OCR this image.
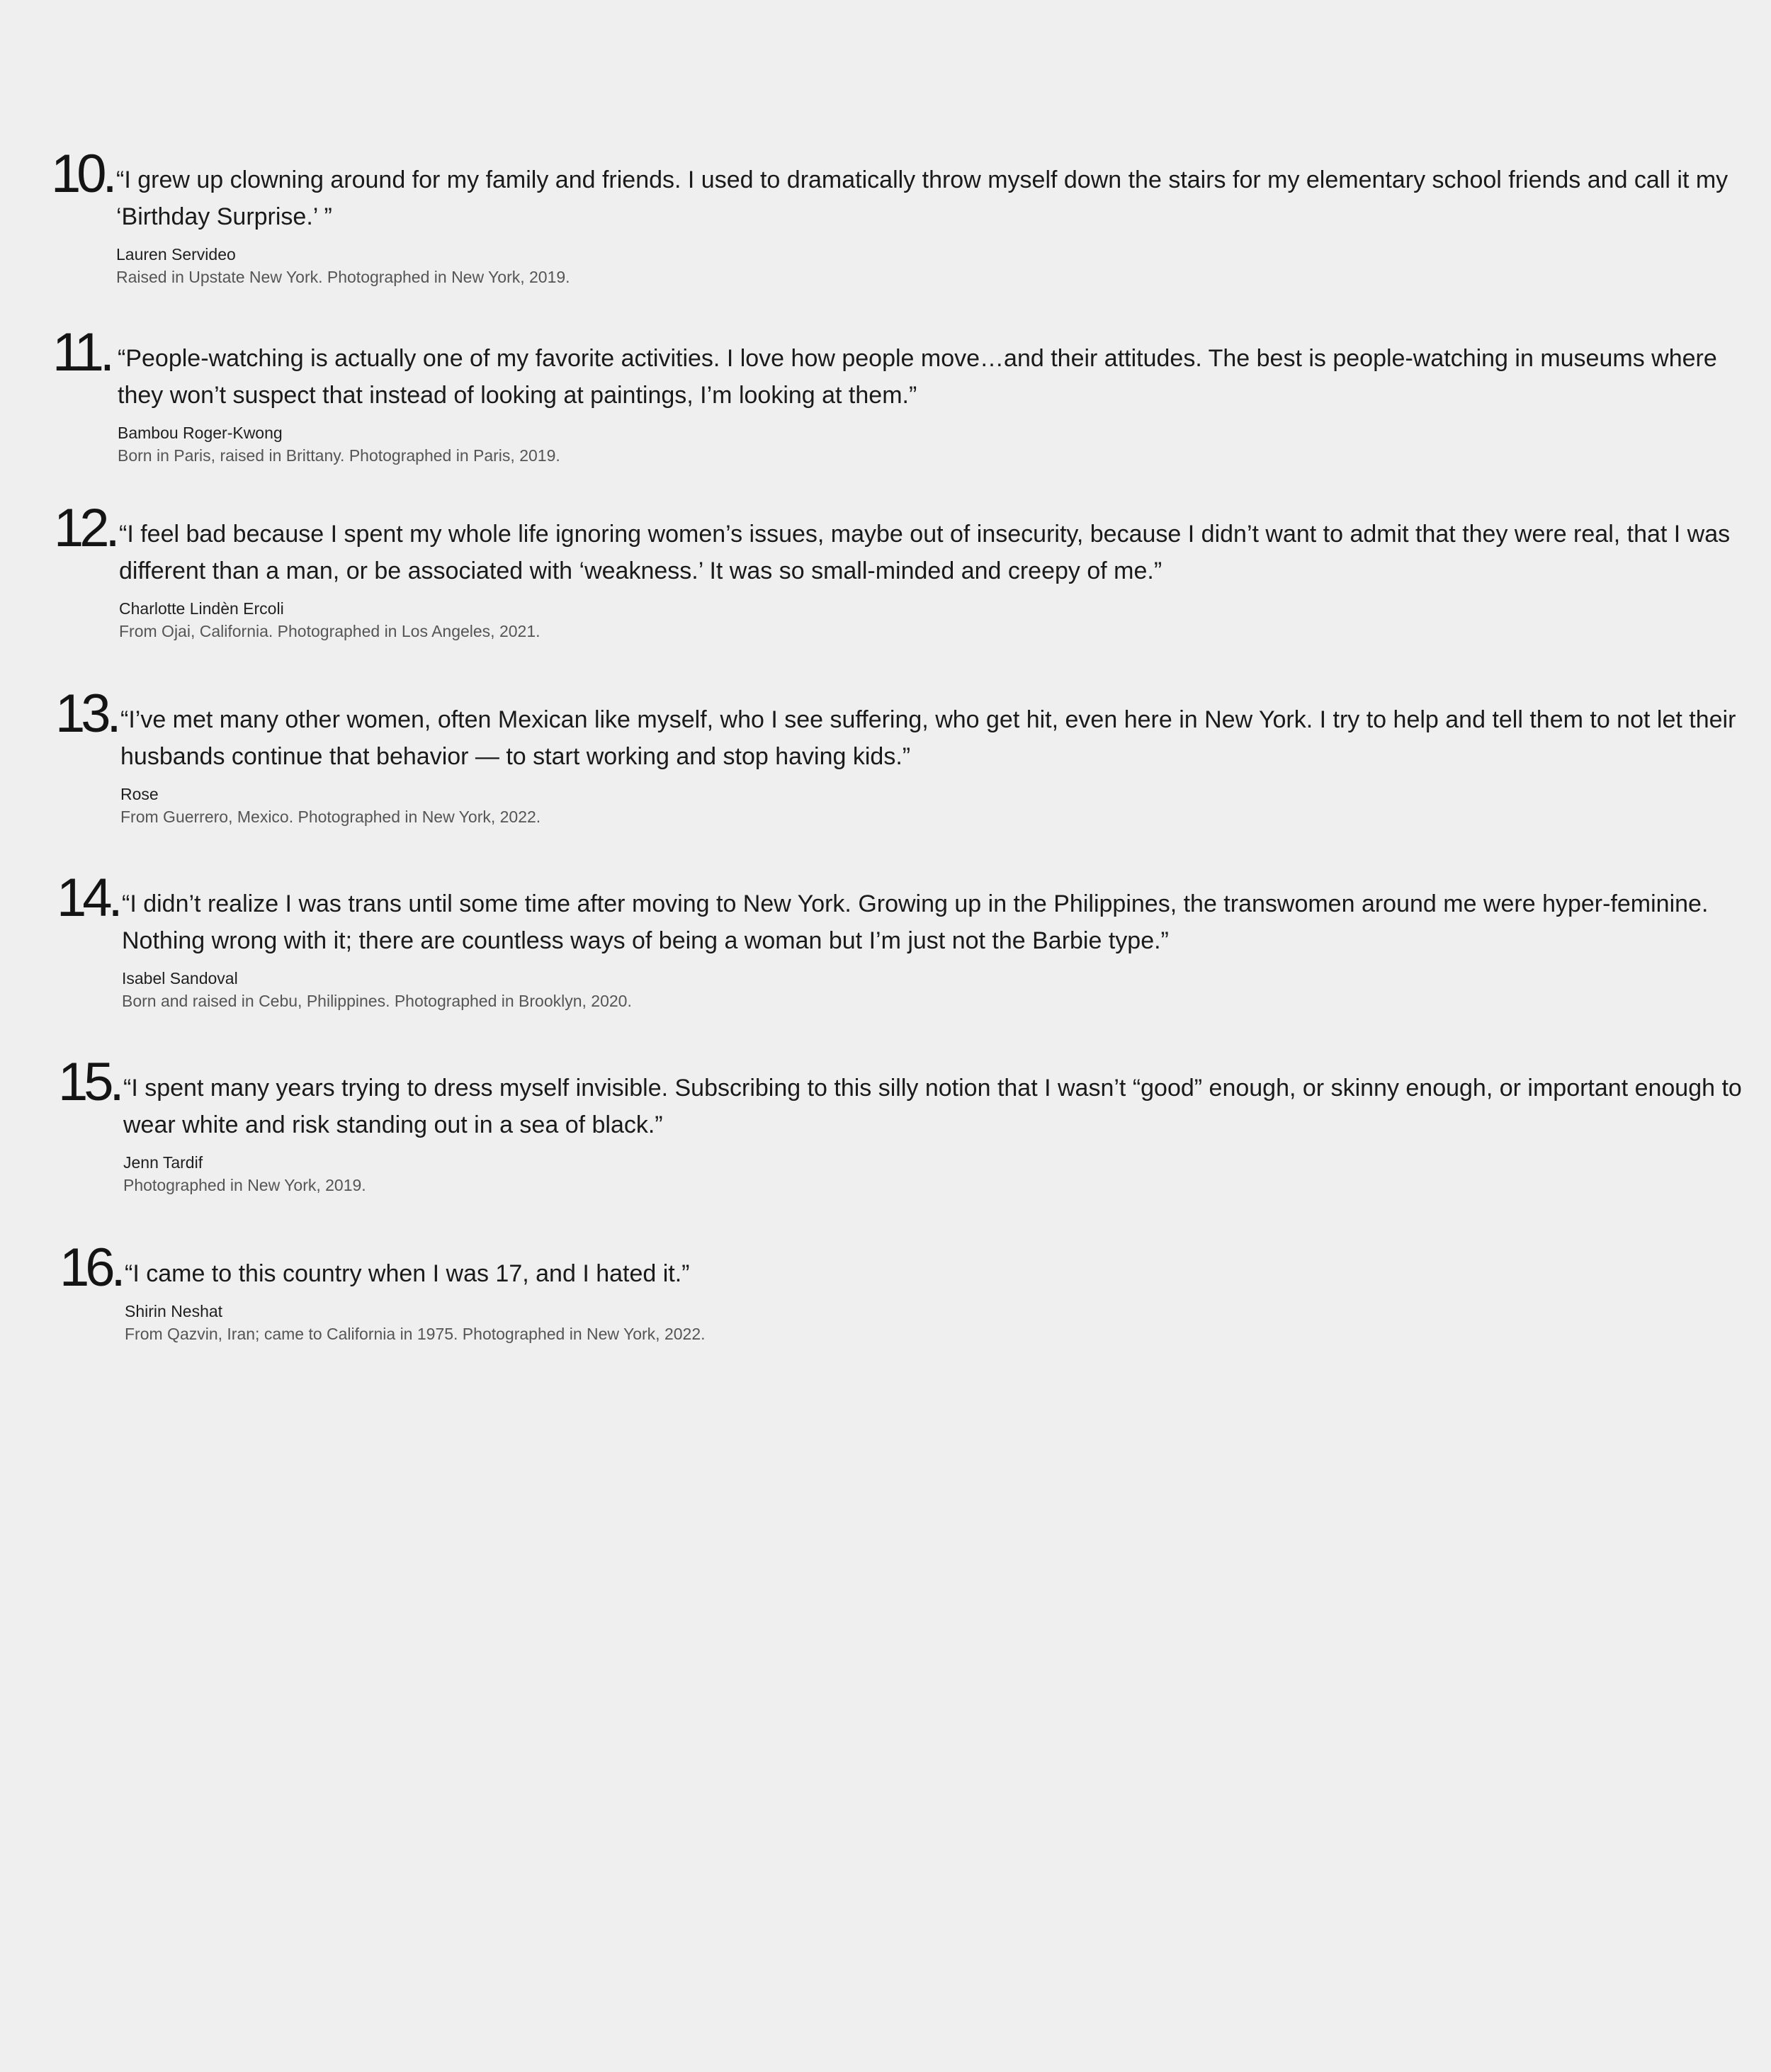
10. “I grew up clowning around for my family and friends. I used to dramatically throw myself down the stairs for my elementary school friends and call it my ‘Birthday Surprise.’ ”

Lauren Servideo

Raised in Upstate New York. Photographed in New York, 2019.

11. “People-watching is actually one of my favorite activities. I love how people move…and their attitudes. The best is people-watching in museums where they won’t suspect that instead of looking at paintings, I’m looking at them.”

Bambou Roger-Kwong

Born in Paris, raised in Brittany. Photographed in Paris, 2019.

12. “I feel bad because I spent my whole life ignoring women’s issues, maybe out of insecurity, because I didn’t want to admit that they were real, that I was different than a man, or be associated with ‘weakness.’ It was so small-minded and creepy of me.”

Charlotte Lindèn Ercoli

From Ojai, California. Photographed in Los Angeles, 2021.

13. “I’ve met many other women, often Mexican like myself, who I see suffering, who get hit, even here in New York. I try to help and tell them to not let their husbands continue that behavior — to start working and stop having kids.”

Rose

From Guerrero, Mexico. Photographed in New York, 2022.

14. “I didn’t realize I was trans until some time after moving to New York. Growing up in the Philippines, the transwomen around me were hyper-feminine. Nothing wrong with it; there are countless ways of being a woman but I’m just not the Barbie type.”

Isabel Sandoval

Born and raised in Cebu, Philippines. Photographed in Brooklyn, 2020.

15. “I spent many years trying to dress myself invisible. Subscribing to this silly notion that I wasn’t “good” enough, or skinny enough, or important enough to wear white and risk standing out in a sea of black.”

Jenn Tardif

Photographed in New York, 2019.

16. “I came to this country when I was 17, and I hated it.”

Shirin Neshat

From Qazvin, Iran; came to California in 1975. Photographed in New York, 2022.
